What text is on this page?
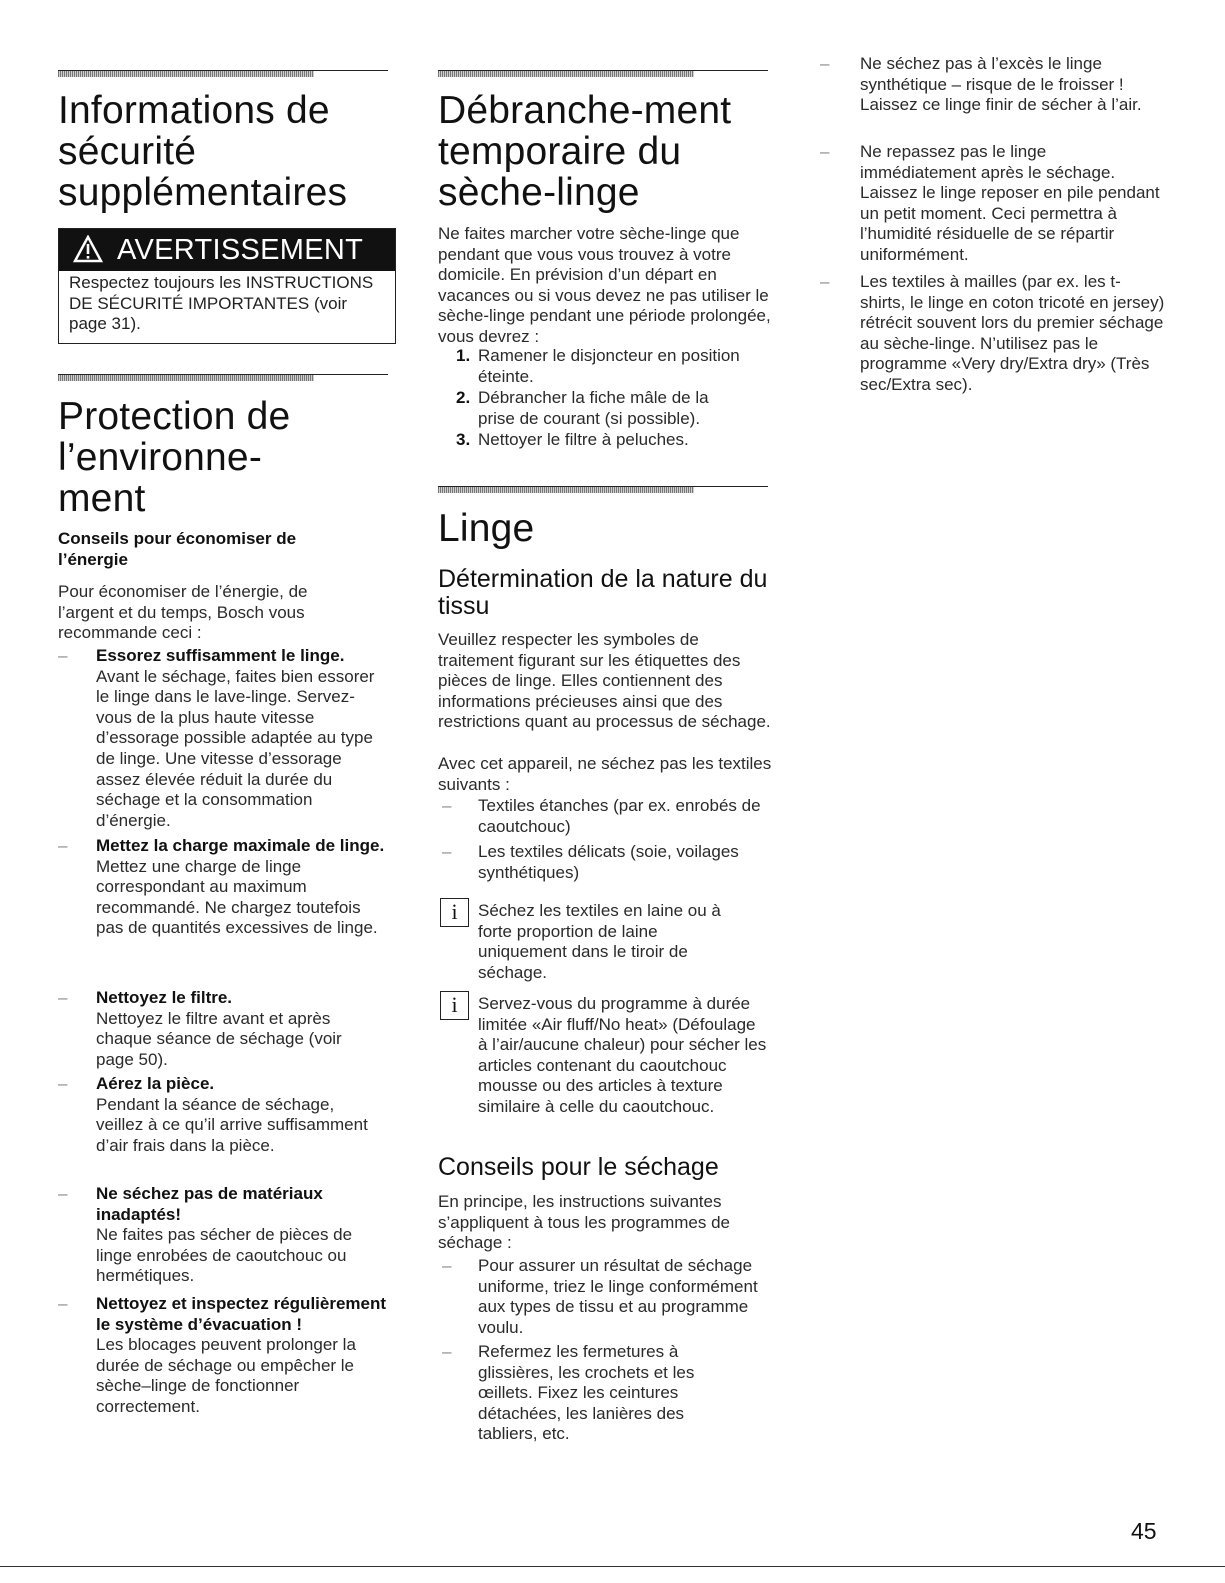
Informations de sécurité supplémentaires
AVERTISSEMENT
Respectez toujours les INSTRUCTIONS DE SÉCURITÉ IMPORTANTES (voir page 31).
Protection de l’environne-ment
Conseils pour économiser de l’énergie

Pour économiser de l’énergie, de l’argent et du temps, Bosch vous recommande ceci :

– Essorez suffisamment le linge.
Avant le séchage, faites bien essorer le linge dans le lave-linge. Servez-vous de la plus haute vitesse d’essorage possible adaptée au type de linge. Une vitesse d’essorage assez élevée réduit la durée du séchage et la consommation d’énergie.
– Mettez la charge maximale de linge.
Mettez une charge de linge correspondant au maximum recommandé. Ne chargez toutefois pas de quantités excessives de linge.
– Nettoyez le filtre.
Nettoyez le filtre avant et après chaque séance de séchage (voir page 50).
– Aérez la pièce.
Pendant la séance de séchage, veillez à ce qu’il arrive suffisamment d’air frais dans la pièce.
– Ne séchez pas de matériaux inadaptés!
Ne faites pas sécher de pièces de linge enrobées de caoutchouc ou hermétiques.
– Nettoyez et inspectez régulièrement le système d’évacuation !
Les blocages peuvent prolonger la durée de séchage ou empêcher le sèche–linge de fonctionner correctement.
Débranche-ment temporaire du sèche-linge

Ne faites marcher votre sèche-linge que pendant que vous vous trouvez à votre domicile. En prévision d’un départ en vacances ou si vous devez ne pas utiliser le sèche-linge pendant une période prolongée, vous devrez :

1. Ramener le disjoncteur en position éteinte.

2. Débrancher la fiche mâle de la prise de courant (si possible).

3. Nettoyer le filtre à peluches.

Linge
Détermination de la nature du tissu

Veuillez respecter les symboles de traitement figurant sur les étiquettes des pièces de linge. Elles contiennent des informations précieuses ainsi que des restrictions quant au processus de séchage.

Avec cet appareil, ne séchez pas les textiles suivants :

– Textiles étanches (par ex. enrobés de caoutchouc)

– Les textiles délicats (soie, voilages synthétiques)

i	Séchez les textiles en laine ou à forte proportion de laine uniquement dans le tiroir de séchage.

i	Servez-vous du programme à durée limitée «Air fluff/No heat» (Défoulage à l’air/aucune chaleur) pour sécher les articles contenant du caoutchouc mousse ou des articles à texture similaire à celle du caoutchouc.

Conseils pour le séchage

En principe, les instructions suivantes s’appliquent à tous les programmes de séchage :

– Pour assurer un résultat de séchage uniforme, triez le linge conformément aux types de tissu et au programme voulu.

– Refermez les fermetures à glissières, les crochets et les œillets. Fixez les ceintures détachées, les lanières des tabliers, etc.

– Ne séchez pas à l’excès le linge synthétique – risque de le froisser ! Laissez ce linge finir de sécher à l’air.

– Ne repassez pas le linge immédiatement après le séchage. Laissez le linge reposer en pile pendant un petit moment. Ceci permettra à l’humidité résiduelle de se répartir uniformément.

– Les textiles à mailles (par ex. les t-shirts, le linge en coton tricoté en jersey) rétrécit souvent lors du premier séchage au sèche-linge. N’utilisez pas le programme «Very dry/Extra dry» (Très sec/Extra sec).

45
